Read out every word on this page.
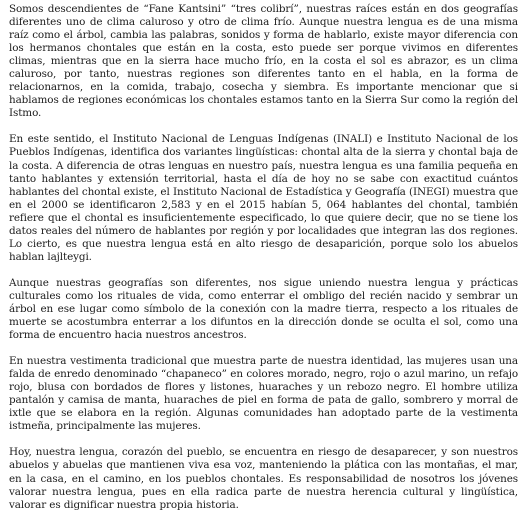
Somos descendientes de “Fane Kantsini” “tres colibrí”, nuestras raíces están en dos geografías diferentes uno de clima caluroso y otro de clima frío. Aunque nuestra lengua es de una misma raíz como el árbol, cambia las palabras, sonidos y forma de hablarlo, existe mayor diferencia con los hermanos chontales que están en la costa, esto puede ser porque vivimos en diferentes climas, mientras que en la sierra hace mucho frío, en la costa el sol es abrazor, es un clima caluroso, por tanto, nuestras regiones son diferentes tanto en el habla, en la forma de relacionarnos, en la comida, trabajo, cosecha y siembra. Es importante mencionar que si hablamos de regiones económicas los chontales estamos tanto en la Sierra Sur como la región del Istmo.

En este sentido, el Instituto Nacional de Lenguas Indígenas (INALI) e Instituto Nacional de los Pueblos Indígenas, identifica dos variantes lingüísticas: chontal alta de la sierra y chontal baja de la costa. A diferencia de otras lenguas en nuestro país, nuestra lengua es una familia pequeña en tanto hablantes y extensión territorial, hasta el día de hoy no se sabe con exactitud cuántos hablantes del chontal existe, el Instituto Nacional de Estadística y Geografía (INEGI) muestra que en el 2000 se identificaron 2,583 y en el 2015 habían 5, 064 hablantes del chontal, también refiere que el chontal es insuficientemente especificado, lo que quiere decir, que no se tiene los datos reales del número de hablantes por región y por localidades que integran las dos regiones. Lo cierto, es que nuestra lengua está en alto riesgo de desaparición, porque solo los abuelos hablan lajlteygi.

Aunque nuestras geografías son diferentes, nos sigue uniendo nuestra lengua y prácticas culturales como los rituales de vida, como enterrar el ombligo del recién nacido y sembrar un árbol en ese lugar como símbolo de la conexión con la madre tierra, respecto a los rituales de muerte se acostumbra enterrar a los difuntos en la dirección donde se oculta el sol, como una forma de encuentro hacia nuestros ancestros.

En nuestra vestimenta tradicional que muestra parte de nuestra identidad, las mujeres usan una falda de enredo denominado “chapaneco” en colores morado, negro, rojo o azul marino, un refajo rojo, blusa con bordados de flores y listones, huaraches y un rebozo negro. El hombre utiliza pantalón y camisa de manta, huaraches de piel en forma de pata de gallo, sombrero y morral de ixtle que se elabora en la región. Algunas comunidades han adoptado parte de la vestimenta istmeña, principalmente las mujeres.

Hoy, nuestra lengua, corazón del pueblo, se encuentra en riesgo de desaparecer, y son nuestros abuelos y abuelas que mantienen viva esa voz, manteniendo la plática con las montañas, el mar, en la casa, en el camino, en los pueblos chontales. Es responsabilidad de nosotros los jóvenes valorar nuestra lengua, pues en ella radica parte de nuestra herencia cultural y lingüística, valorar es dignificar nuestra propia historia.
